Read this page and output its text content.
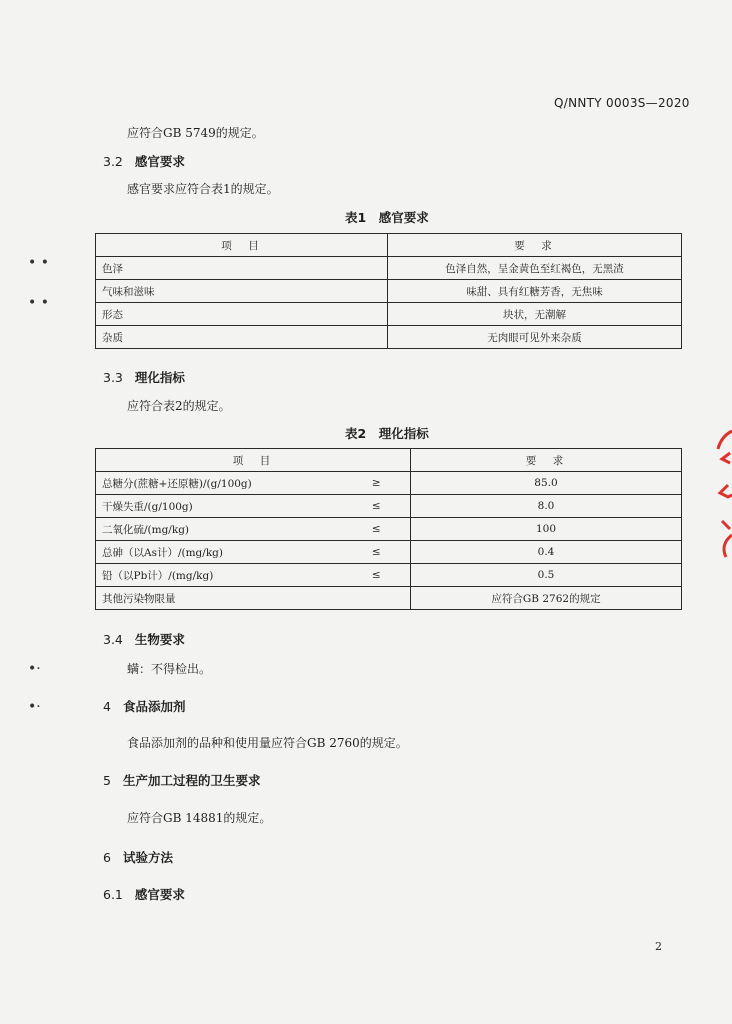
Q/NNTY 0003S—2020
应符合GB 5749的规定。
3.2 感官要求
感官要求应符合表1的规定。
表1　感官要求
项　目	要　求
色泽	色泽自然，呈金黄色至红褐色，无黑渣
气味和滋味	味甜、具有红糖芳香，无焦味
形态	块状，无潮解
杂质	无肉眼可见外来杂质
3.3 理化指标
应符合表2的规定。
表2　理化指标
项　目		要　求
总糖分(蔗糖+还原糖)/(g/100g)	≥	85.0
干燥失重/(g/100g)	≤	8.0
二氧化硫/(mg/kg)	≤	100
总砷（以As计）/(mg/kg)	≤	0.4
铅（以Pb计）/(mg/kg)	≤	0.5
其他污染物限量		应符合GB 2762的规定
3.4 生物要求
螨：不得检出。
4 食品添加剂
食品添加剂的品种和使用量应符合GB 2760的规定。
5 生产加工过程的卫生要求
应符合GB 14881的规定。
6 试验方法
6.1 感官要求
2
• •
• •
•·
•·
